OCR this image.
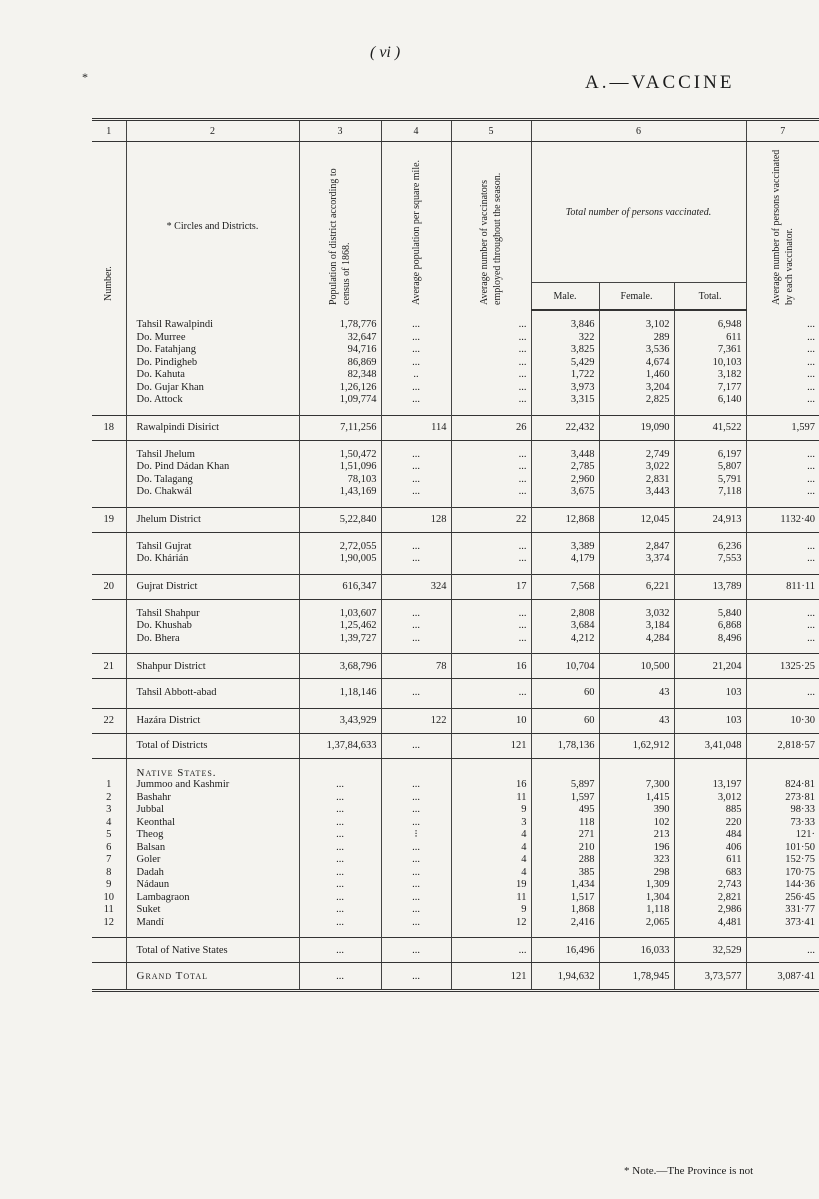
( vi )
*	A.—VACCINE
1	2	3	4	5	6			7
Number.	* Circles and Districts.	Population of district according to census of 1868.	Average population per square mile.	Average number of vaccinators employed throughout the season.	Total number of persons vaccinated.			Average number of persons vaccinated by each vaccinator.
					Male.	Female.	Total.	

	Tahsil Rawalpindi	1,78,776	...	...	3,846	3,102	6,948	...
	Do. Murree	32,647	...	...	322	289	611	...
	Do. Fatahjang	94,716	...	...	3,825	3,536	7,361	...
	Do. Pindigheb	86,869	...	...	5,429	4,674	10,103	...
	Do. Kahuta	82,348	..	...	1,722	1,460	3,182	...
	Do. Gujar Khan	1,26,126	...	...	3,973	3,204	7,177	...
	Do. Attock	1,09,774	...	...	3,315	2,825	6,140	...

18	Rawalpindi Disirict	7,11,256	114	26	22,432	19,090	41,522	1,597

	Tahsil Jhelum	1,50,472	...	...	3,448	2,749	6,197	...
	Do. Pind Dádan Khan	1,51,096	...	...	2,785	3,022	5,807	...
	Do. Talagang	78,103	...	...	2,960	2,831	5,791	...
	Do. Chakwál	1,43,169	...	...	3,675	3,443	7,118	...

19	Jhelum District	5,22,840	128	22	12,868	12,045	24,913	1132·40

	Tahsil Gujrat	2,72,055	...	...	3,389	2,847	6,236	...
	Do. Khárián	1,90,005	...	...	4,179	3,374	7,553	...

20	Gujrat District	616,347	324	17	7,568	6,221	13,789	811·11

	Tahsil Shahpur	1,03,607	...	...	2,808	3,032	5,840	...
	Do. Khushab	1,25,462	...	...	3,684	3,184	6,868	...
	Do. Bhera	1,39,727	...	...	4,212	4,284	8,496	...

21	Shahpur District	3,68,796	78	16	10,704	10,500	21,204	1325·25

	Tahsil Abbott-abad	1,18,146	...	...	60	43	103	...

22	Hazára District	3,43,929	122	10	60	43	103	10·30
	Total of Districts	1,37,84,633	...	121	1,78,136	1,62,912	3,41,048	2,818·57

	Native States.							
1	Jummoo and Kashmir	...	...	16	5,897	7,300	13,197	824·81
2	Bashahr	...	...	11	1,597	1,415	3,012	273·81
3	Jubbal	...	...	9	495	390	885	98·33
4	Keonthal	...	...	3	118	102	220	73·33
5	Theog	...	⁝	4	271	213	484	121·
6	Balsan	...	...	4	210	196	406	101·50
7	Goler	...	...	4	288	323	611	152·75
8	Dadah	...	...	4	385	298	683	170·75
9	Nádaun	...	...	19	1,434	1,309	2,743	144·36
10	Lambagraon	...	...	11	1,517	1,304	2,821	256·45
11	Suket	...	...	9	1,868	1,118	2,986	331·77
12	Mandí	...	...	12	2,416	2,065	4,481	373·41

	Total of Native States	...	...	...	16,496	16,033	32,529	...
	Grand Total	...	...	121	1,94,632	1,78,945	3,73,577	3,087·41
* Note.—The Province is not
